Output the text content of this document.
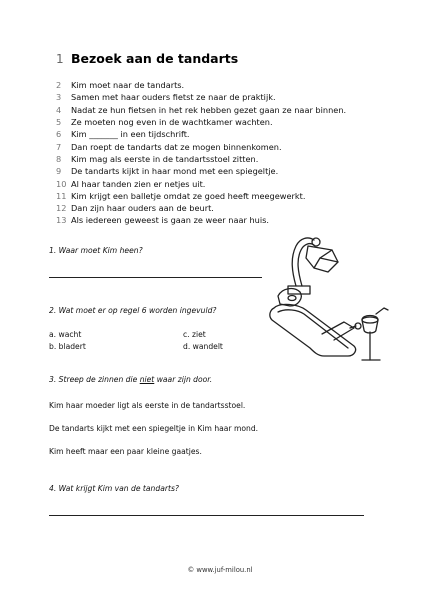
1 Bezoek aan de tandarts
2	Kim moet naar de tandarts.
3	Samen met haar ouders fietst ze naar de praktijk.
4	Nadat ze hun fietsen in het rek hebben gezet gaan ze naar binnen.
5	Ze moeten nog even in de wachtkamer wachten.
6	Kim _______ in een tijdschrift.
7	Dan roept de tandarts dat ze mogen binnenkomen.
8	Kim mag als eerste in de tandartsstoel zitten.
9	De tandarts kijkt in haar mond met een spiegeltje.
10 Al haar tanden zien er netjes uit.
11 Kim krijgt een balletje omdat ze goed heeft meegewerkt.
12 Dan zijn haar ouders aan de beurt.
13 Als iedereen geweest is gaan ze weer naar huis.
1. Waar moet Kim heen?
2. Wat moet er op regel 6 worden ingevuld?
a. wacht	c. ziet
b. bladert	d. wandelt
3. Streep de zinnen die niet waar zijn door.
Kim haar moeder ligt als eerste in de tandartsstoel.
De tandarts kijkt met een spiegeltje in Kim haar mond.
Kim heeft maar een paar kleine gaatjes.
4. Wat krijgt Kim van de tandarts?
© www.juf-milou.nl
